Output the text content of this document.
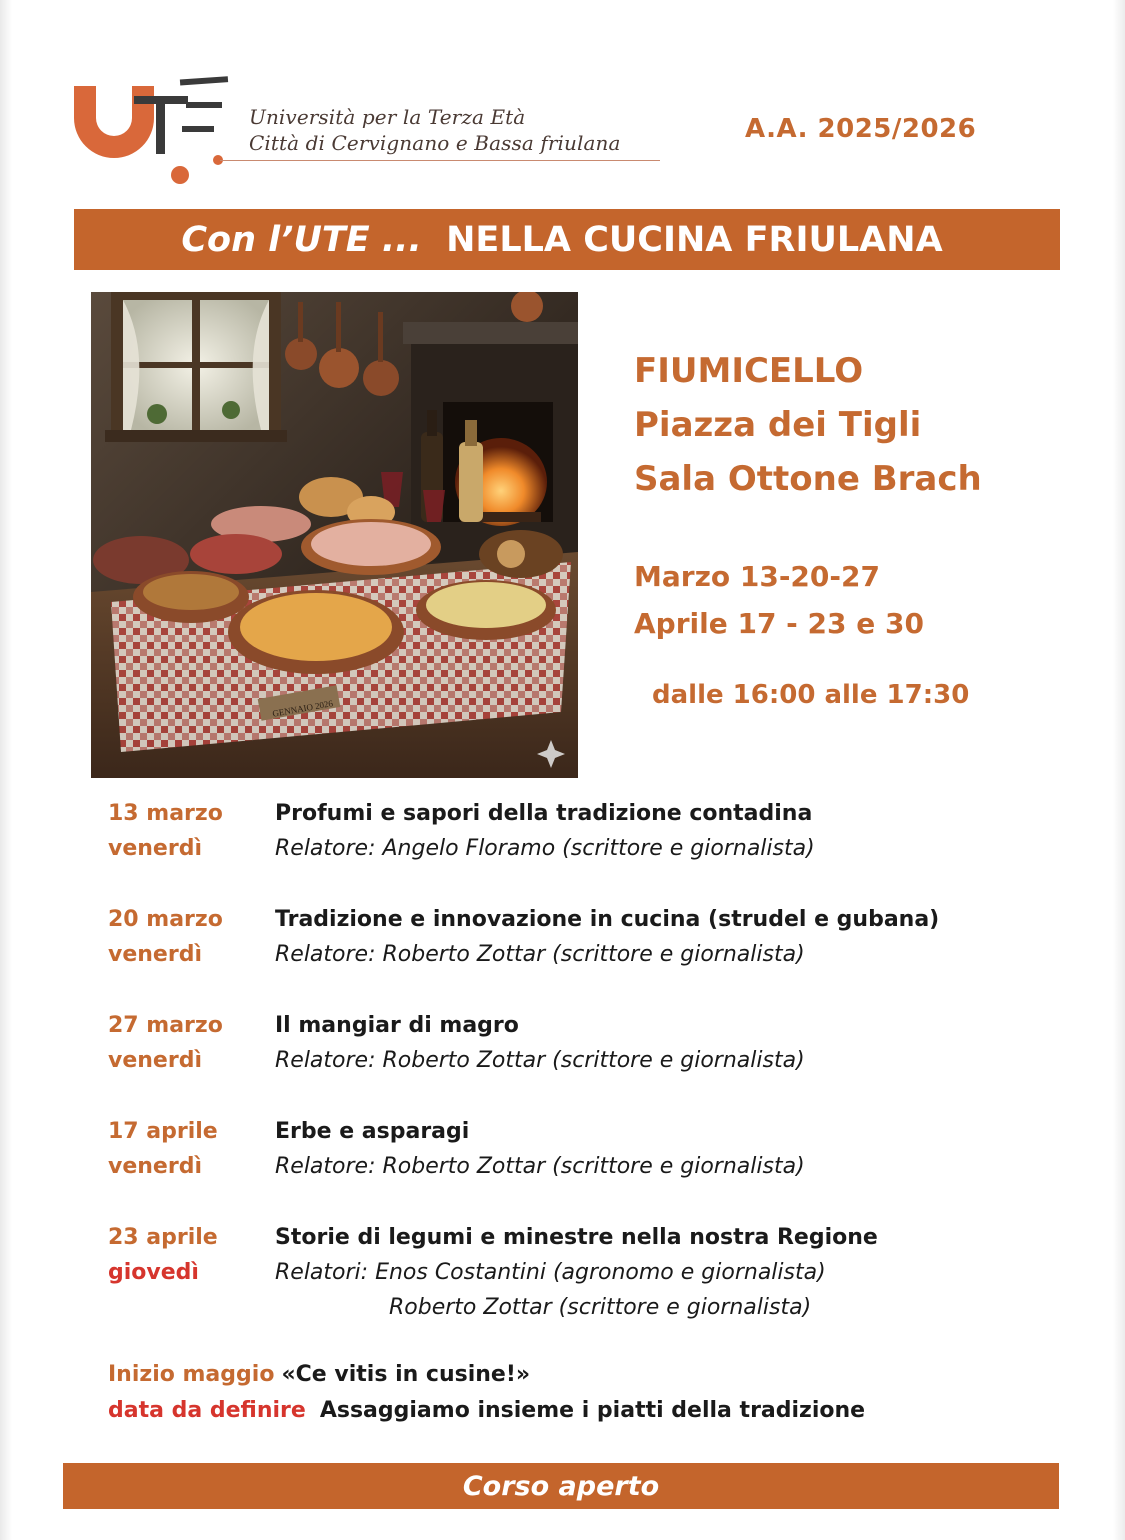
Università per la Terza Età
Città di Cervignano e Bassa friulana	A.A. 2025/2026
Con l’UTE ... NELLA CUCINA FRIULANA
GENNAIO 2026
FIUMICELLO
Piazza dei Tigli
Sala Ottone Brach
Marzo 13-20-27
Aprile 17 - 23 e 30
dalle 16:00 alle 17:30
13 marzo
venerdì
Profumi e sapori della tradizione contadina
Relatore: Angelo Floramo (scrittore e giornalista)
20 marzo
venerdì
Tradizione e innovazione in cucina (strudel e gubana)
Relatore: Roberto Zottar (scrittore e giornalista)
27 marzo
venerdì
Il mangiar di magro
Relatore: Roberto Zottar (scrittore e giornalista)
17 aprile
venerdì
Erbe e asparagi
Relatore: Roberto Zottar (scrittore e giornalista)
23 aprile
giovedì
Storie di legumi e minestre nella nostra Regione
Relatori: Enos Costantini (agronomo e giornalista)
Roberto Zottar (scrittore e giornalista)
Inizio maggio «Ce vitis in cusine!»
data da definire Assaggiamo insieme i piatti della tradizione
Corso aperto
